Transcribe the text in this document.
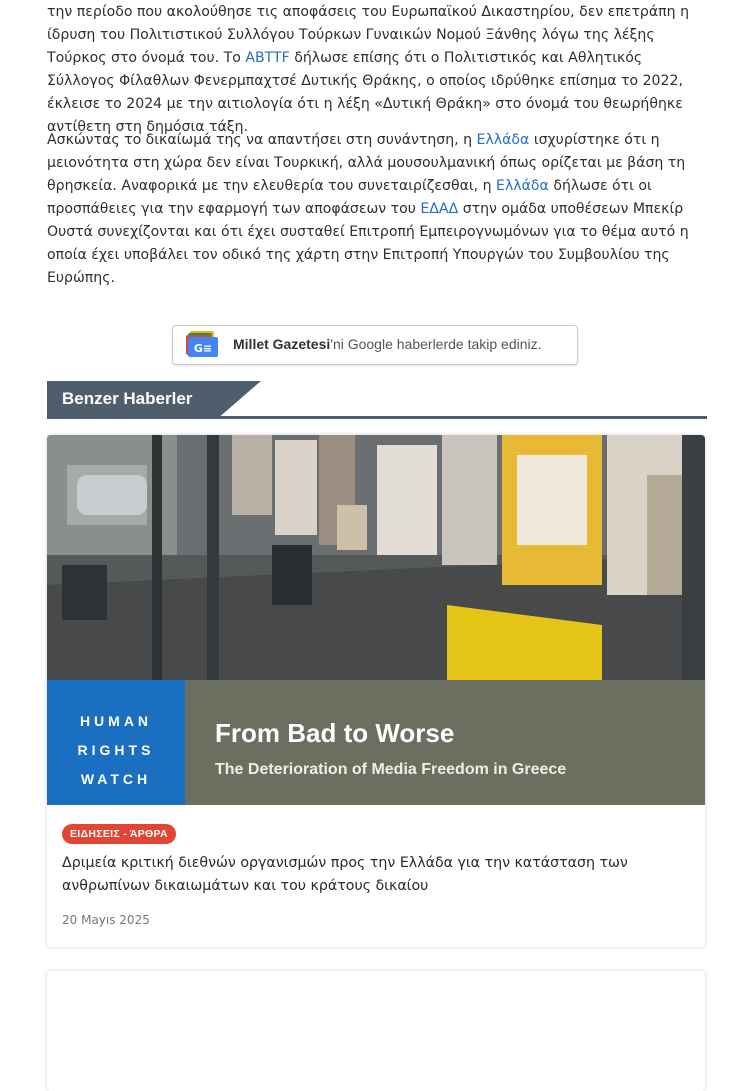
την περίοδο που ακολούθησε τις αποφάσεις του Ευρωπαϊκού Δικαστηρίου, δεν επετράπη η ίδρυση του Πολιτιστικού Συλλόγου Τούρκων Γυναικών Νομού Ξάνθης λόγω της λέξης Τούρκος στο όνομά του. Το ABTTF δήλωσε επίσης ότι ο Πολιτιστικός και Αθλητικός Σύλλογος Φίλαθλων Φενερμπαχτσέ Δυτικής Θράκης, ο οποίος ιδρύθηκε επίσημα το 2022, έκλεισε το 2024 με την αιτιολογία ότι η λέξη «Δυτική Θράκη» στο όνομά του θεωρήθηκε αντίθετη στη δημόσια τάξη.

Ασκώντας το δικαίωμά της να απαντήσει στη συνάντηση, η Ελλάδα ισχυρίστηκε ότι η μειονότητα στη χώρα δεν είναι Τουρκική, αλλά μουσουλμανική όπως ορίζεται με βάση τη θρησκεία. Αναφορικά με την ελευθερία του συνεταιρίζεσθαι, η Ελλάδα δήλωσε ότι οι προσπάθειες για την εφαρμογή των αποφάσεων του ΕΔΑΔ στην ομάδα υποθέσεων Μπεκίρ Ουστά συνεχίζονται και ότι έχει συσταθεί Επιτροπή Εμπειρογνωμόνων για το θέμα αυτό η οποία έχει υποβάλει τον οδικό της χάρτη στην Επιτροπή Υπουργών του Συμβουλίου της Ευρώπης.

G≡ Millet Gazetesi'ni Google haberlerde takip ediniz.
Benzer Haberler
HUMAN
RIGHTS
WATCH
From Bad to Worse
The Deterioration of Media Freedom in Greece
ΕΙΔΗΣΕΙΣ - ΆΡΘΡΑ

Δριμεία κριτική διεθνών οργανισμών προς την Ελλάδα για την κατάσταση των ανθρωπίνων δικαιωμάτων και του κράτους δικαίου

20 Mayıs 2025
